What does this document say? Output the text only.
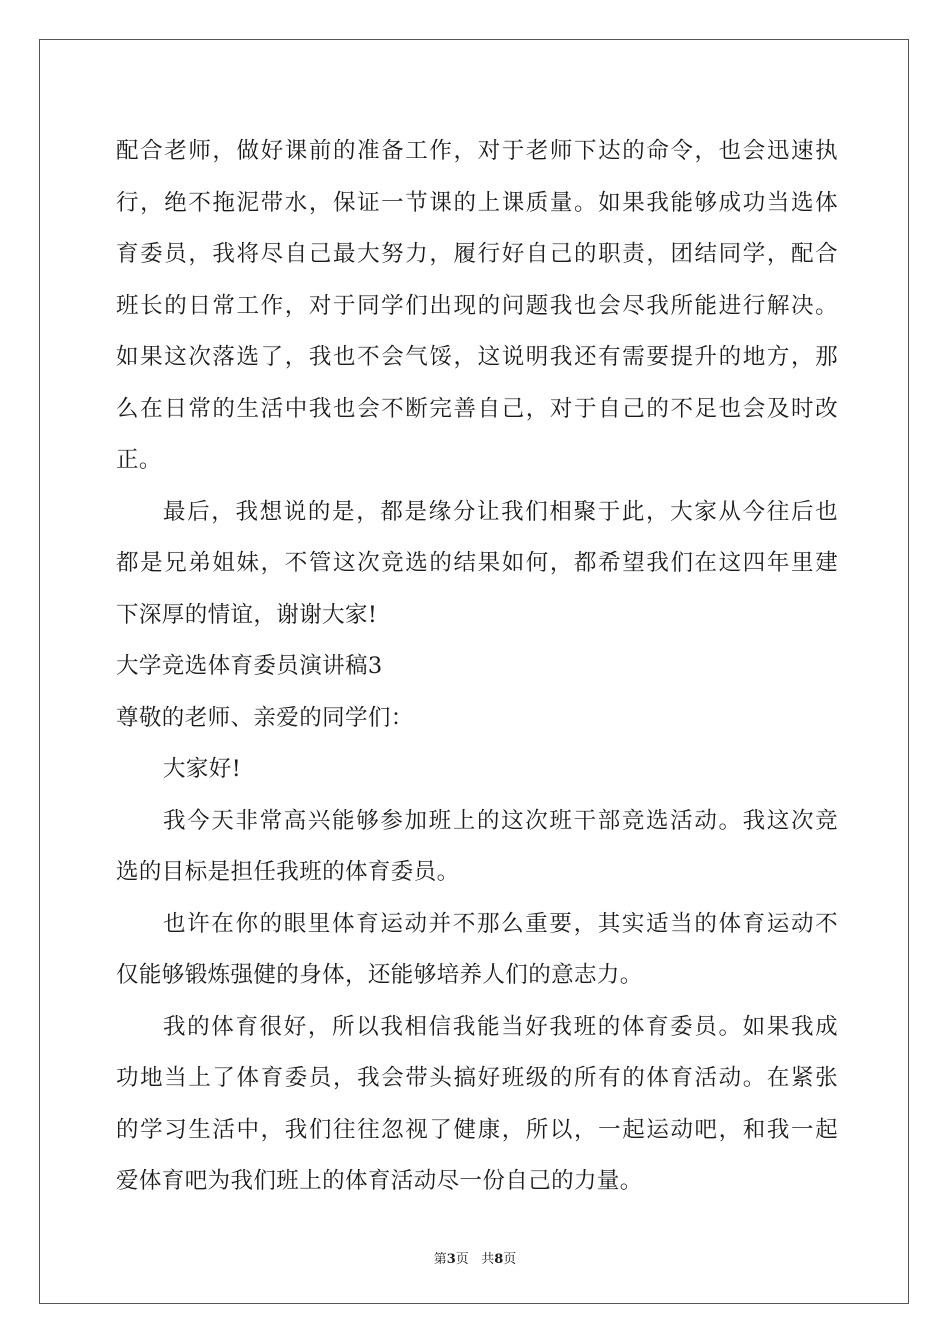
配合老师，做好课前的准备工作，对于老师下达的命令，也会迅速执
行，绝不拖泥带水，保证一节课的上课质量。如果我能够成功当选体
育委员，我将尽自己最大努力，履行好自己的职责，团结同学，配合
班长的日常工作，对于同学们出现的问题我也会尽我所能进行解决。
如果这次落选了，我也不会气馁，这说明我还有需要提升的地方，那
么在日常的生活中我也会不断完善自己，对于自己的不足也会及时改
正。
最后，我想说的是，都是缘分让我们相聚于此，大家从今往后也
都是兄弟姐妹，不管这次竞选的结果如何，都希望我们在这四年里建
下深厚的情谊，谢谢大家!
大学竞选体育委员演讲稿3
尊敬的老师、亲爱的同学们：
大家好!
我今天非常高兴能够参加班上的这次班干部竞选活动。我这次竞
选的目标是担任我班的体育委员。
也许在你的眼里体育运动并不那么重要，其实适当的体育运动不
仅能够锻炼强健的身体，还能够培养人们的意志力。
我的体育很好，所以我相信我能当好我班的体育委员。如果我成
功地当上了体育委员，我会带头搞好班级的所有的体育活动。在紧张
的学习生活中，我们往往忽视了健康，所以，一起运动吧，和我一起
爱体育吧为我们班上的体育活动尽一份自己的力量。
第3页 共8页
